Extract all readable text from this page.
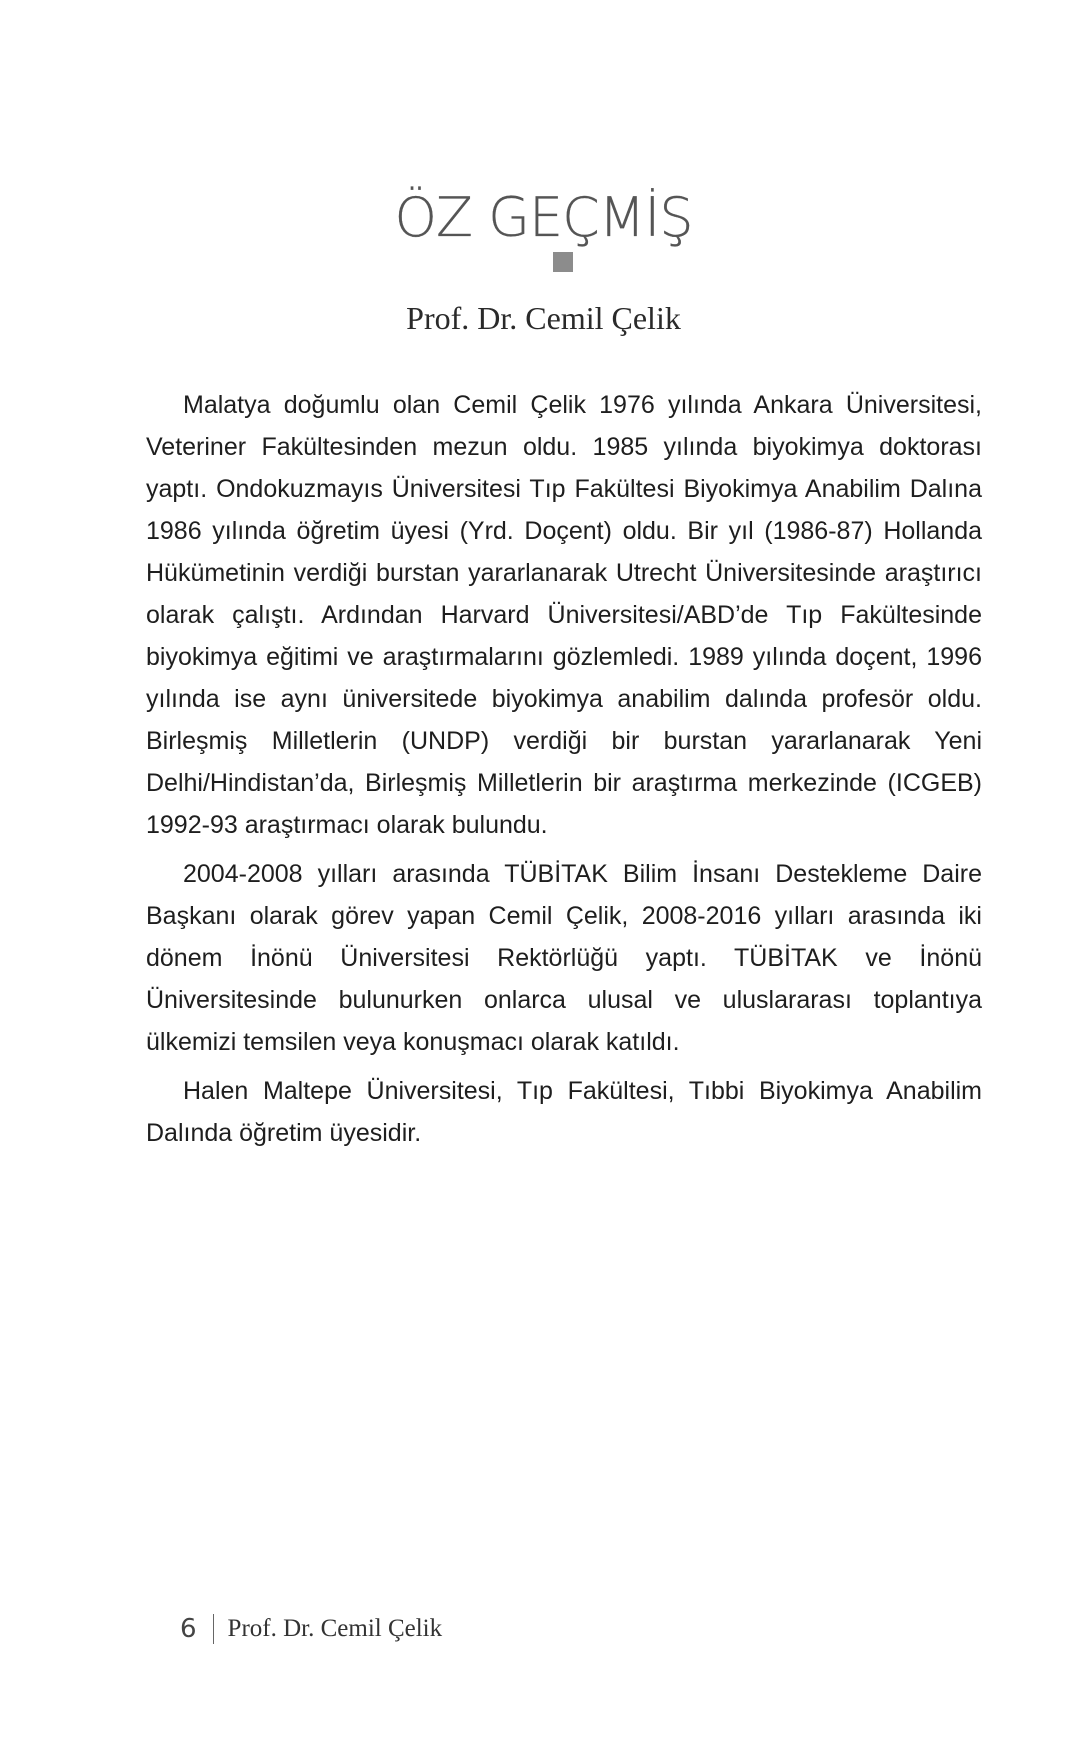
ÖZ GEÇMİŞ
Prof. Dr. Cemil Çelik

Malatya doğumlu olan Cemil Çelik 1976 yılında Ankara Üniversitesi, Veteriner Fakültesinden mezun oldu. 1985 yılında biyokimya doktorası yaptı. Ondokuzmayıs Üniversitesi Tıp Fakültesi Biyokimya Anabilim Dalına 1986 yılında öğretim üyesi (Yrd. Doçent) oldu. Bir yıl (1986-87) Hollanda Hükümetinin verdiği burstan yararlanarak Utrecht Üniversitesinde araştırıcı olarak çalıştı. Ardından Harvard Üniversitesi/ABD’de Tıp Fakültesinde biyokimya eğitimi ve araştırmalarını gözlemledi. 1989 yılında doçent, 1996 yılında ise aynı üniversitede biyokimya anabilim dalında profesör oldu. Birleşmiş Milletlerin (UNDP) verdiği bir burstan yararlanarak Yeni Delhi/Hindistan’da, Birleşmiş Milletlerin bir araştırma merkezinde (ICGEB) 1992-93 araştırmacı olarak bulundu.

2004-2008 yılları arasında TÜBİTAK Bilim İnsanı Destekleme Daire Başkanı olarak görev yapan Cemil Çelik, 2008-2016 yılları arasında iki dönem İnönü Üniversitesi Rektörlüğü yaptı. TÜBİTAK ve İnönü Üniversitesinde bulunurken onlarca ulusal ve uluslararası toplantıya ülkemizi temsilen veya konuşmacı olarak katıldı.

Halen Maltepe Üniversitesi, Tıp Fakültesi, Tıbbi Biyokimya Anabilim Dalında öğretim üyesidir.

6 Prof. Dr. Cemil Çelik
